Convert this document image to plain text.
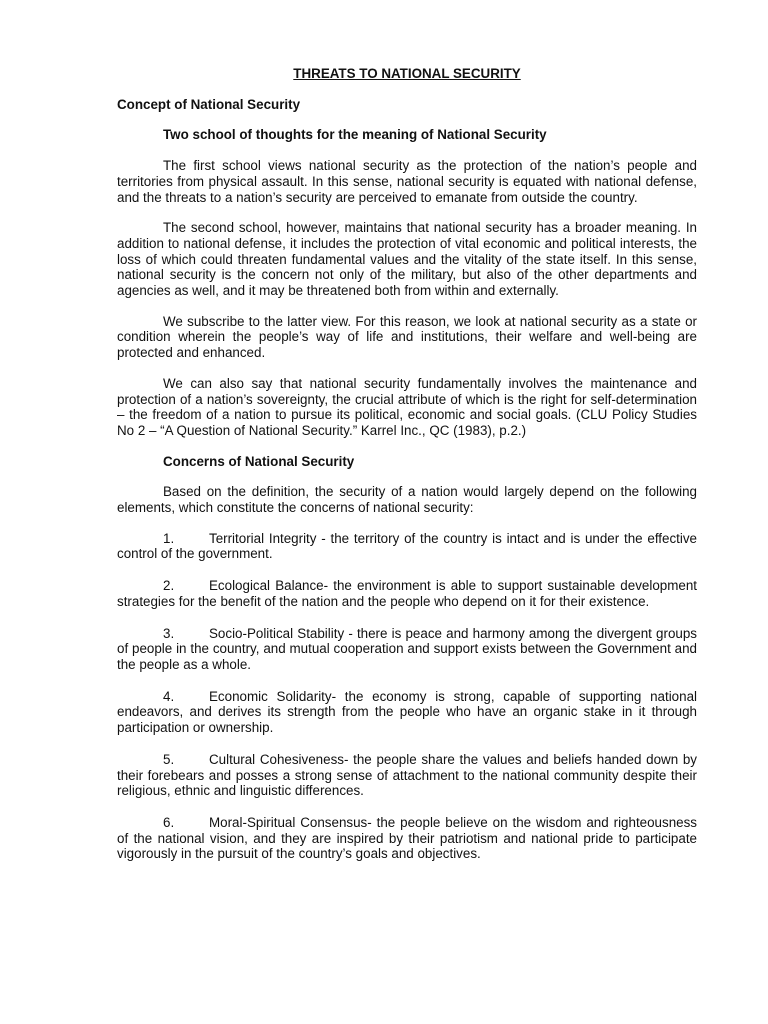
THREATS TO NATIONAL SECURITY
Concept of National Security
Two school of thoughts for the meaning of National Security
The first school views national security as the protection of the nation’s people and territories from physical assault. In this sense, national security is equated with national defense, and the threats to a nation’s security are perceived to emanate from outside the country.
The second school, however, maintains that national security has a broader meaning. In addition to national defense, it includes the protection of vital economic and political interests, the loss of which could threaten fundamental values and the vitality of the state itself. In this sense, national security is the concern not only of the military, but also of the other departments and agencies as well, and it may be threatened both from within and externally.
We subscribe to the latter view. For this reason, we look at national security as a state or condition wherein the people’s way of life and institutions, their welfare and well-being are protected and enhanced.
We can also say that national security fundamentally involves the maintenance and protection of a nation’s sovereignty, the crucial attribute of which is the right for self-determination – the freedom of a nation to pursue its political, economic and social goals. (CLU Policy Studies No 2 – “A Question of National Security.” Karrel Inc., QC (1983), p.2.)
Concerns of National Security
Based on the definition, the security of a nation would largely depend on the following elements, which constitute the concerns of national security:
1.	Territorial Integrity - the territory of the country is intact and is under the effective control of the government.
2.	Ecological Balance- the environment is able to support sustainable development strategies for the benefit of the nation and the people who depend on it for their existence.
3.	Socio-Political Stability - there is peace and harmony among the divergent groups of people in the country, and mutual cooperation and support exists between the Government and the people as a whole.
4.	Economic Solidarity- the economy is strong, capable of supporting national endeavors, and derives its strength from the people who have an organic stake in it through participation or ownership.
5.	Cultural Cohesiveness- the people share the values and beliefs handed down by their forebears and posses a strong sense of attachment to the national community despite their religious, ethnic and linguistic differences.
6.	Moral-Spiritual Consensus- the people believe on the wisdom and righteousness of the national vision, and they are inspired by their patriotism and national pride to participate vigorously in the pursuit of the country’s goals and objectives.
